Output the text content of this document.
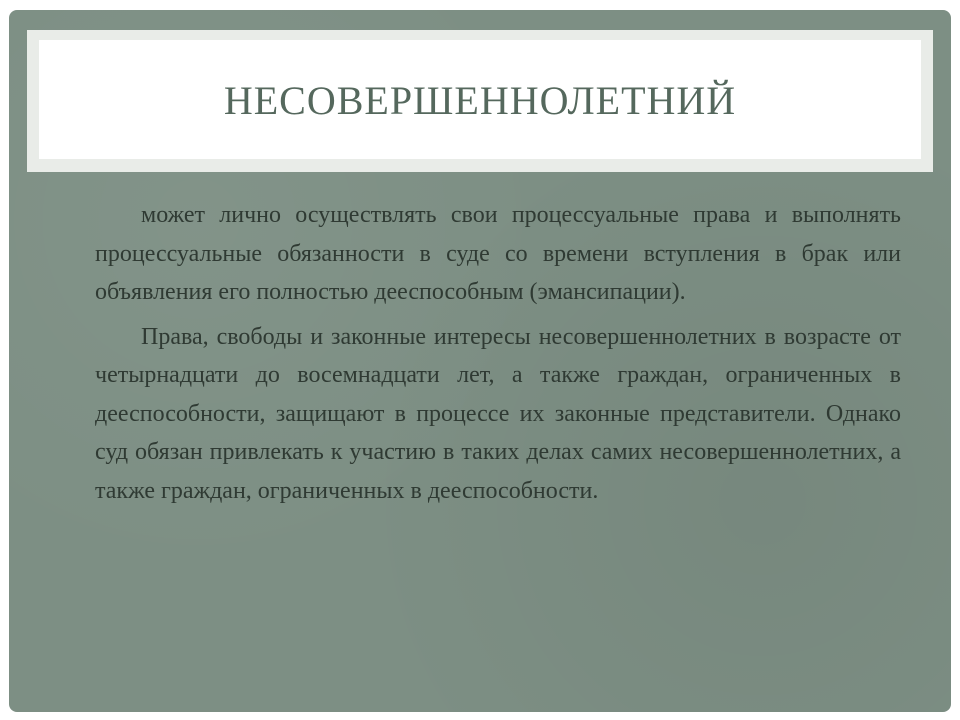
НЕСОВЕРШЕННОЛЕТНИЙ

может лично осуществлять свои процессуальные права и выполнять процессуальные обязанности в суде со времени вступления в брак или объявления его полностью дееспособным (эмансипации).

Права, свободы и законные интересы несовершеннолетних в возрасте от четырнадцати до восемнадцати лет, а также граждан, ограниченных в дееспособности, защищают в процессе их законные представители. Однако суд обязан привлекать к участию в таких делах самих несовершеннолетних, а также граждан, ограниченных в дееспособности.
